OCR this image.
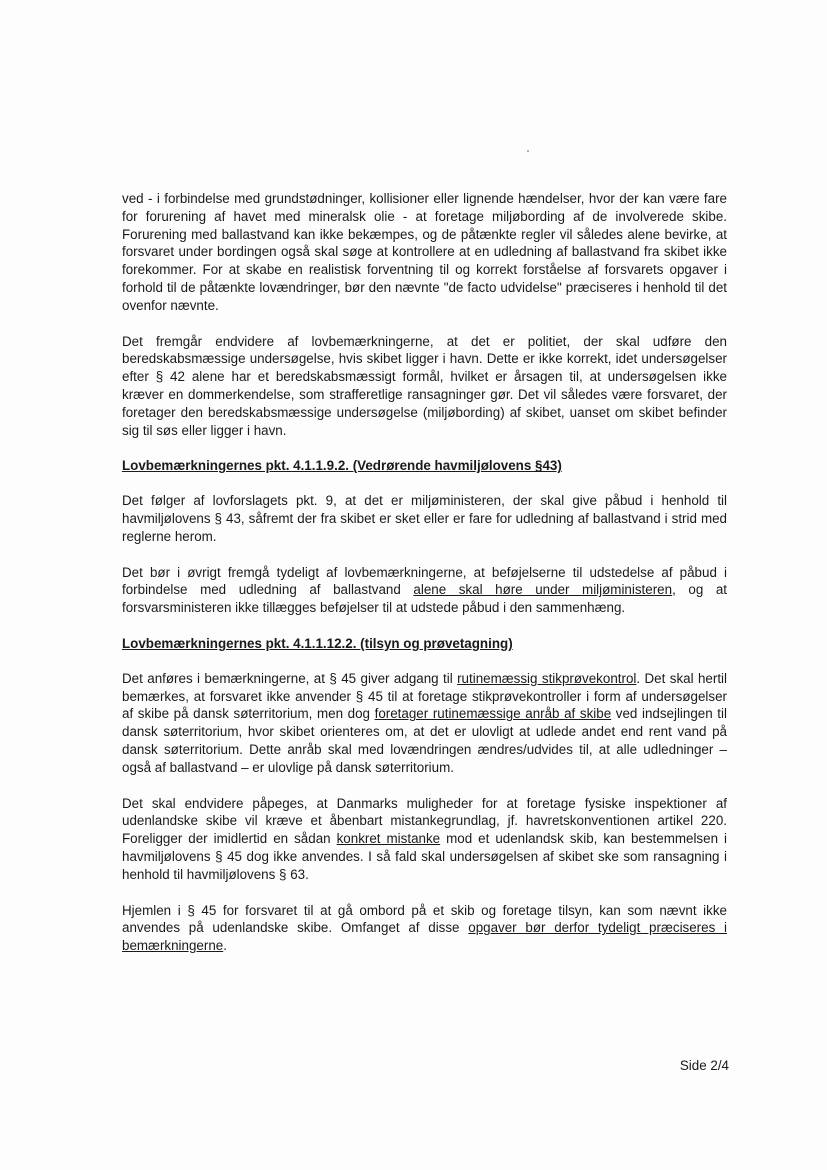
ved - i forbindelse med grundstødninger, kollisioner eller lignende hændelser, hvor der kan være fare for forurening af havet med mineralsk olie - at foretage miljøbording af de involverede skibe. Forurening med ballastvand kan ikke bekæmpes, og de påtænkte regler vil således alene bevirke, at forsvaret under bordingen også skal søge at kontrollere at en udledning af ballastvand fra skibet ikke forekommer. For at skabe en realistisk forventning til og korrekt forståelse af forsvarets opgaver i forhold til de påtænkte lovændringer, bør den nævnte "de facto udvidelse" præciseres i henhold til det ovenfor nævnte.

Det fremgår endvidere af lovbemærkningerne, at det er politiet, der skal udføre den beredskabsmæssige undersøgelse, hvis skibet ligger i havn. Dette er ikke korrekt, idet undersøgelser efter § 42 alene har et beredskabsmæssigt formål, hvilket er årsagen til, at undersøgelsen ikke kræver en dommerkendelse, som strafferetlige ransagninger gør. Det vil således være forsvaret, der foretager den beredskabsmæssige undersøgelse (miljøbording) af skibet, uanset om skibet befinder sig til søs eller ligger i havn.

Lovbemærkningernes pkt. 4.1.1.9.2. (Vedrørende havmiljølovens §43)

Det følger af lovforslagets pkt. 9, at det er miljøministeren, der skal give påbud i henhold til havmiljølovens § 43, såfremt der fra skibet er sket eller er fare for udledning af ballastvand i strid med reglerne herom.

Det bør i øvrigt fremgå tydeligt af lovbemærkningerne, at beføjelserne til udstedelse af påbud i forbindelse med udledning af ballastvand alene skal høre under miljøministeren, og at forsvarsministeren ikke tillægges beføjelser til at udstede påbud i den sammenhæng.

Lovbemærkningernes pkt. 4.1.1.12.2. (tilsyn og prøvetagning)

Det anføres i bemærkningerne, at § 45 giver adgang til rutinemæssig stikprøvekontrol. Det skal hertil bemærkes, at forsvaret ikke anvender § 45 til at foretage stikprøvekontroller i form af undersøgelser af skibe på dansk søterritorium, men dog foretager rutinemæssige anråb af skibe ved indsejlingen til dansk søterritorium, hvor skibet orienteres om, at det er ulovligt at udlede andet end rent vand på dansk søterritorium. Dette anråb skal med lovændringen ændres/udvides til, at alle udledninger – også af ballastvand – er ulovlige på dansk søterritorium.

Det skal endvidere påpeges, at Danmarks muligheder for at foretage fysiske inspektioner af udenlandske skibe vil kræve et åbenbart mistankegrundlag, jf. havretskonventionen artikel 220. Foreligger der imidlertid en sådan konkret mistanke mod et udenlandsk skib, kan bestemmelsen i havmiljølovens § 45 dog ikke anvendes. I så fald skal undersøgelsen af skibet ske som ransagning i henhold til havmiljølovens § 63.

Hjemlen i § 45 for forsvaret til at gå ombord på et skib og foretage tilsyn, kan som nævnt ikke anvendes på udenlandske skibe. Omfanget af disse opgaver bør derfor tydeligt præciseres i bemærkningerne.

Side 2/4
